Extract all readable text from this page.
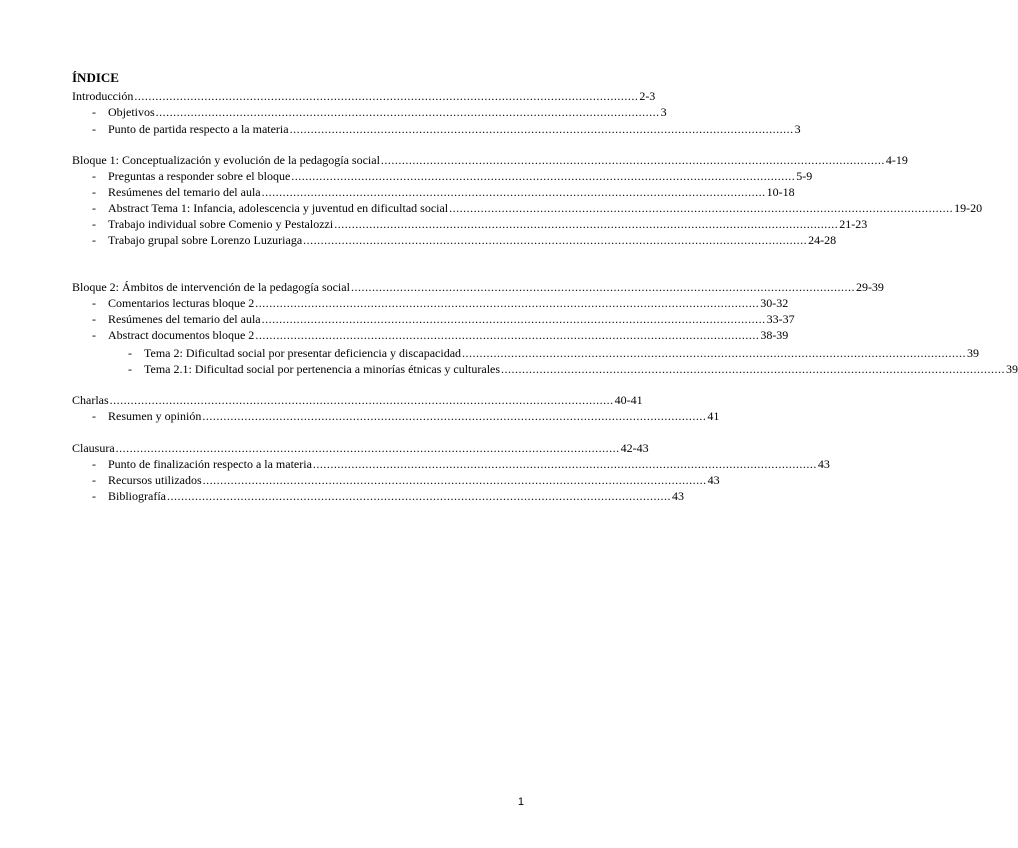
ÍNDICE
Introducción ................................................................................................................................................ 2-3
- Objetivos ................................................................................................................................................ 3
- Punto de partida respecto a la materia ................................................................................................................................................ 3
Bloque 1: Conceptualización y evolución de la pedagogía social ................................................................................................................................................ 4-19
- Preguntas a responder sobre el bloque ................................................................................................................................................ 5-9
- Resúmenes del temario del aula ................................................................................................................................................ 10-18
- Abstract Tema 1: Infancia, adolescencia y juventud en dificultad social ................................................................................................................................................ 19-20
- Trabajo individual sobre Comenio y Pestalozzi ................................................................................................................................................ 21-23
- Trabajo grupal sobre Lorenzo Luzuriaga ................................................................................................................................................ 24-28
Bloque 2: Ámbitos de intervención de la pedagogía social ................................................................................................................................................ 29-39
- Comentarios lecturas bloque 2 ................................................................................................................................................ 30-32
- Resúmenes del temario del aula ................................................................................................................................................ 33-37
- Abstract documentos bloque 2 ................................................................................................................................................ 38-39
- Tema 2: Dificultad social por presentar deficiencia y discapacidad ................................................................................................................................................ 39
- Tema 2.1: Dificultad social por pertenencia a minorías étnicas y culturales ................................................................................................................................................ 39
Charlas ................................................................................................................................................ 40-41
- Resumen y opinión ................................................................................................................................................ 41
Clausura ................................................................................................................................................ 42-43
- Punto de finalización respecto a la materia ................................................................................................................................................ 43
- Recursos utilizados ................................................................................................................................................ 43
- Bibliografía ................................................................................................................................................ 43
1
